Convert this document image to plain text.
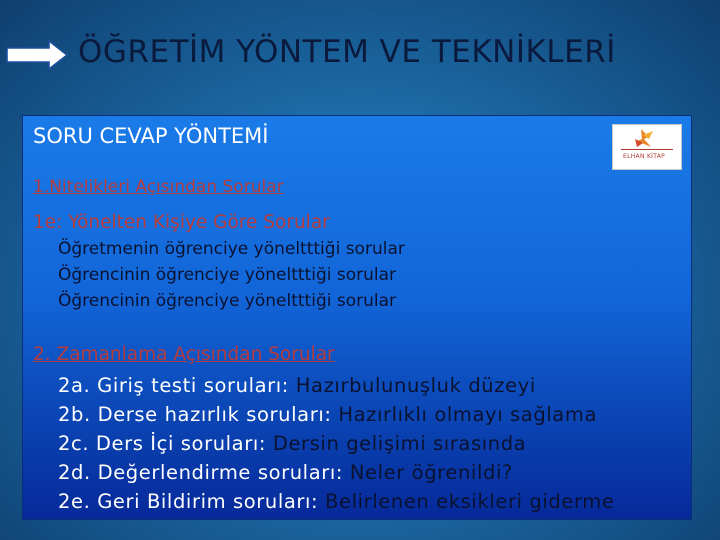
ÖĞRETİM YÖNTEM VE TEKNİKLERİ
ELHAN KİTAP
SORU CEVAP YÖNTEMİ

1.Nitelikleri Açısından Sorular

1e: Yönelten Kişiye Göre Sorular

Öğretmenin öğrenciye yöneltttiği sorular

Öğrencinin öğrenciye yöneltttiği sorular

Öğrencinin öğrenciye yöneltttiği sorular

2. Zamanlama Açısından Sorular

2a. Giriş testi soruları: Hazırbulunuşluk düzeyi

2b. Derse hazırlık soruları: Hazırlıklı olmayı sağlama

2c. Ders İçi soruları: Dersin gelişimi sırasında

2d. Değerlendirme soruları: Neler öğrenildi?

2e. Geri Bildirim soruları: Belirlenen eksikleri giderme
